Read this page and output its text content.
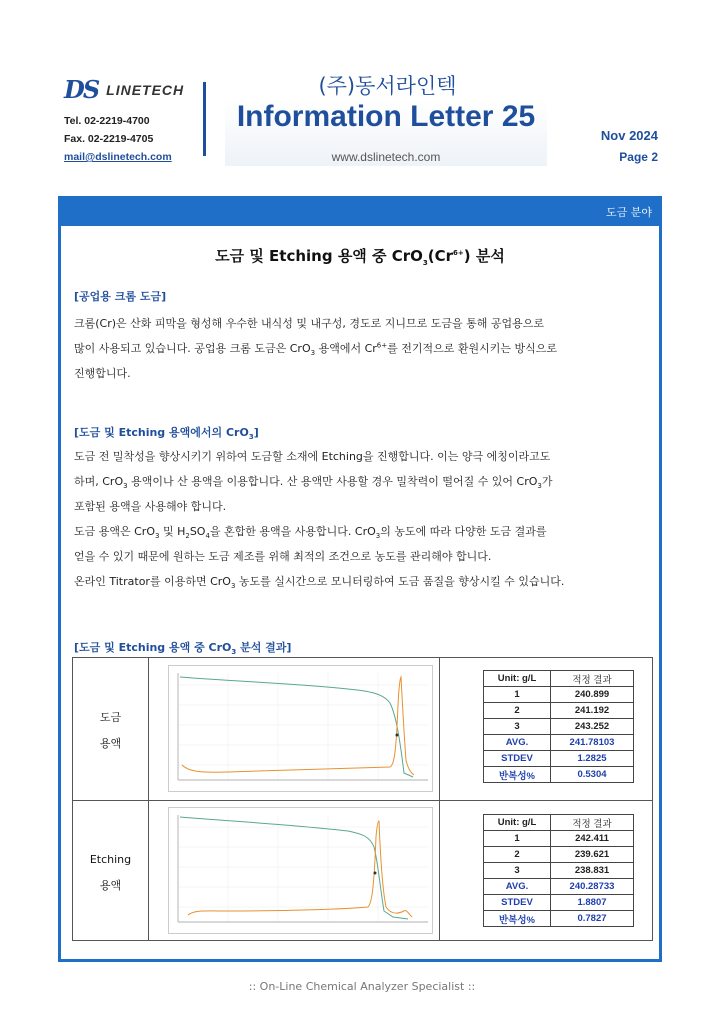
DS LINETECH
Tel. 02-2219-4700
Fax. 02-2219-4705
mail@dslinetech.com
(주)동서라인텍
Information Letter 25
www.dslinetech.com
Nov 2024
Page 2
도금 분야
도금 및 Etching 용액 중 $CrO_3(Cr^{6+})$ 분석
[공업용 크롬 도금]
크롬(Cr)은 산화 피막을 형성해 우수한 내식성 및 내구성, 경도로 지니므로 도금을 통해 공업용으로
많이 사용되고 있습니다. 공업용 크롬 도금은 CrO$_3$ 용액에서 $Cr^{6+}$를 전기적으로 환원시키는 방식으로
진행합니다.
[도금 및 Etching 용액에서의 CrO$_3$]
도금 전 밀착성을 향상시키기 위하여 도금할 소재에 Etching을 진행합니다. 이는 양극 에칭이라고도
하며, CrO$_3$ 용액이나 산 용액을 이용합니다. 산 용액만 사용할 경우 밀착력이 떨어질 수 있어 CrO$_3$가
포함된 용액을 사용해야 합니다.
도금 용액은 CrO$_3$ 및 $H_2SO_4$을 혼합한 용액을 사용합니다. CrO$_3$의 농도에 따라 다양한 도금 결과를
얻을 수 있기 때문에 원하는 도금 제조를 위해 최적의 조건으로 농도를 관리해야 합니다.
온라인 Titrator를 이용하면 CrO$_3$ 농도를 실시간으로 모니터링하여 도금 품질을 향상시킬 수 있습니다.
[도금 및 Etching 용액 중 CrO$_3$ 분석 결과]
도금
용액
Unit: g/L	적정 결과
1	240.899
2	241.192
3	243.252
AVG.	241.78103
STDEV	1.2825
반복성%	0.5304
Etching
용액
Unit: g/L	적정 결과
1	242.411
2	239.621
3	238.831
AVG.	240.28733
STDEV	1.8807
반복성%	0.7827
:: On-Line Chemical Analyzer Specialist ::
